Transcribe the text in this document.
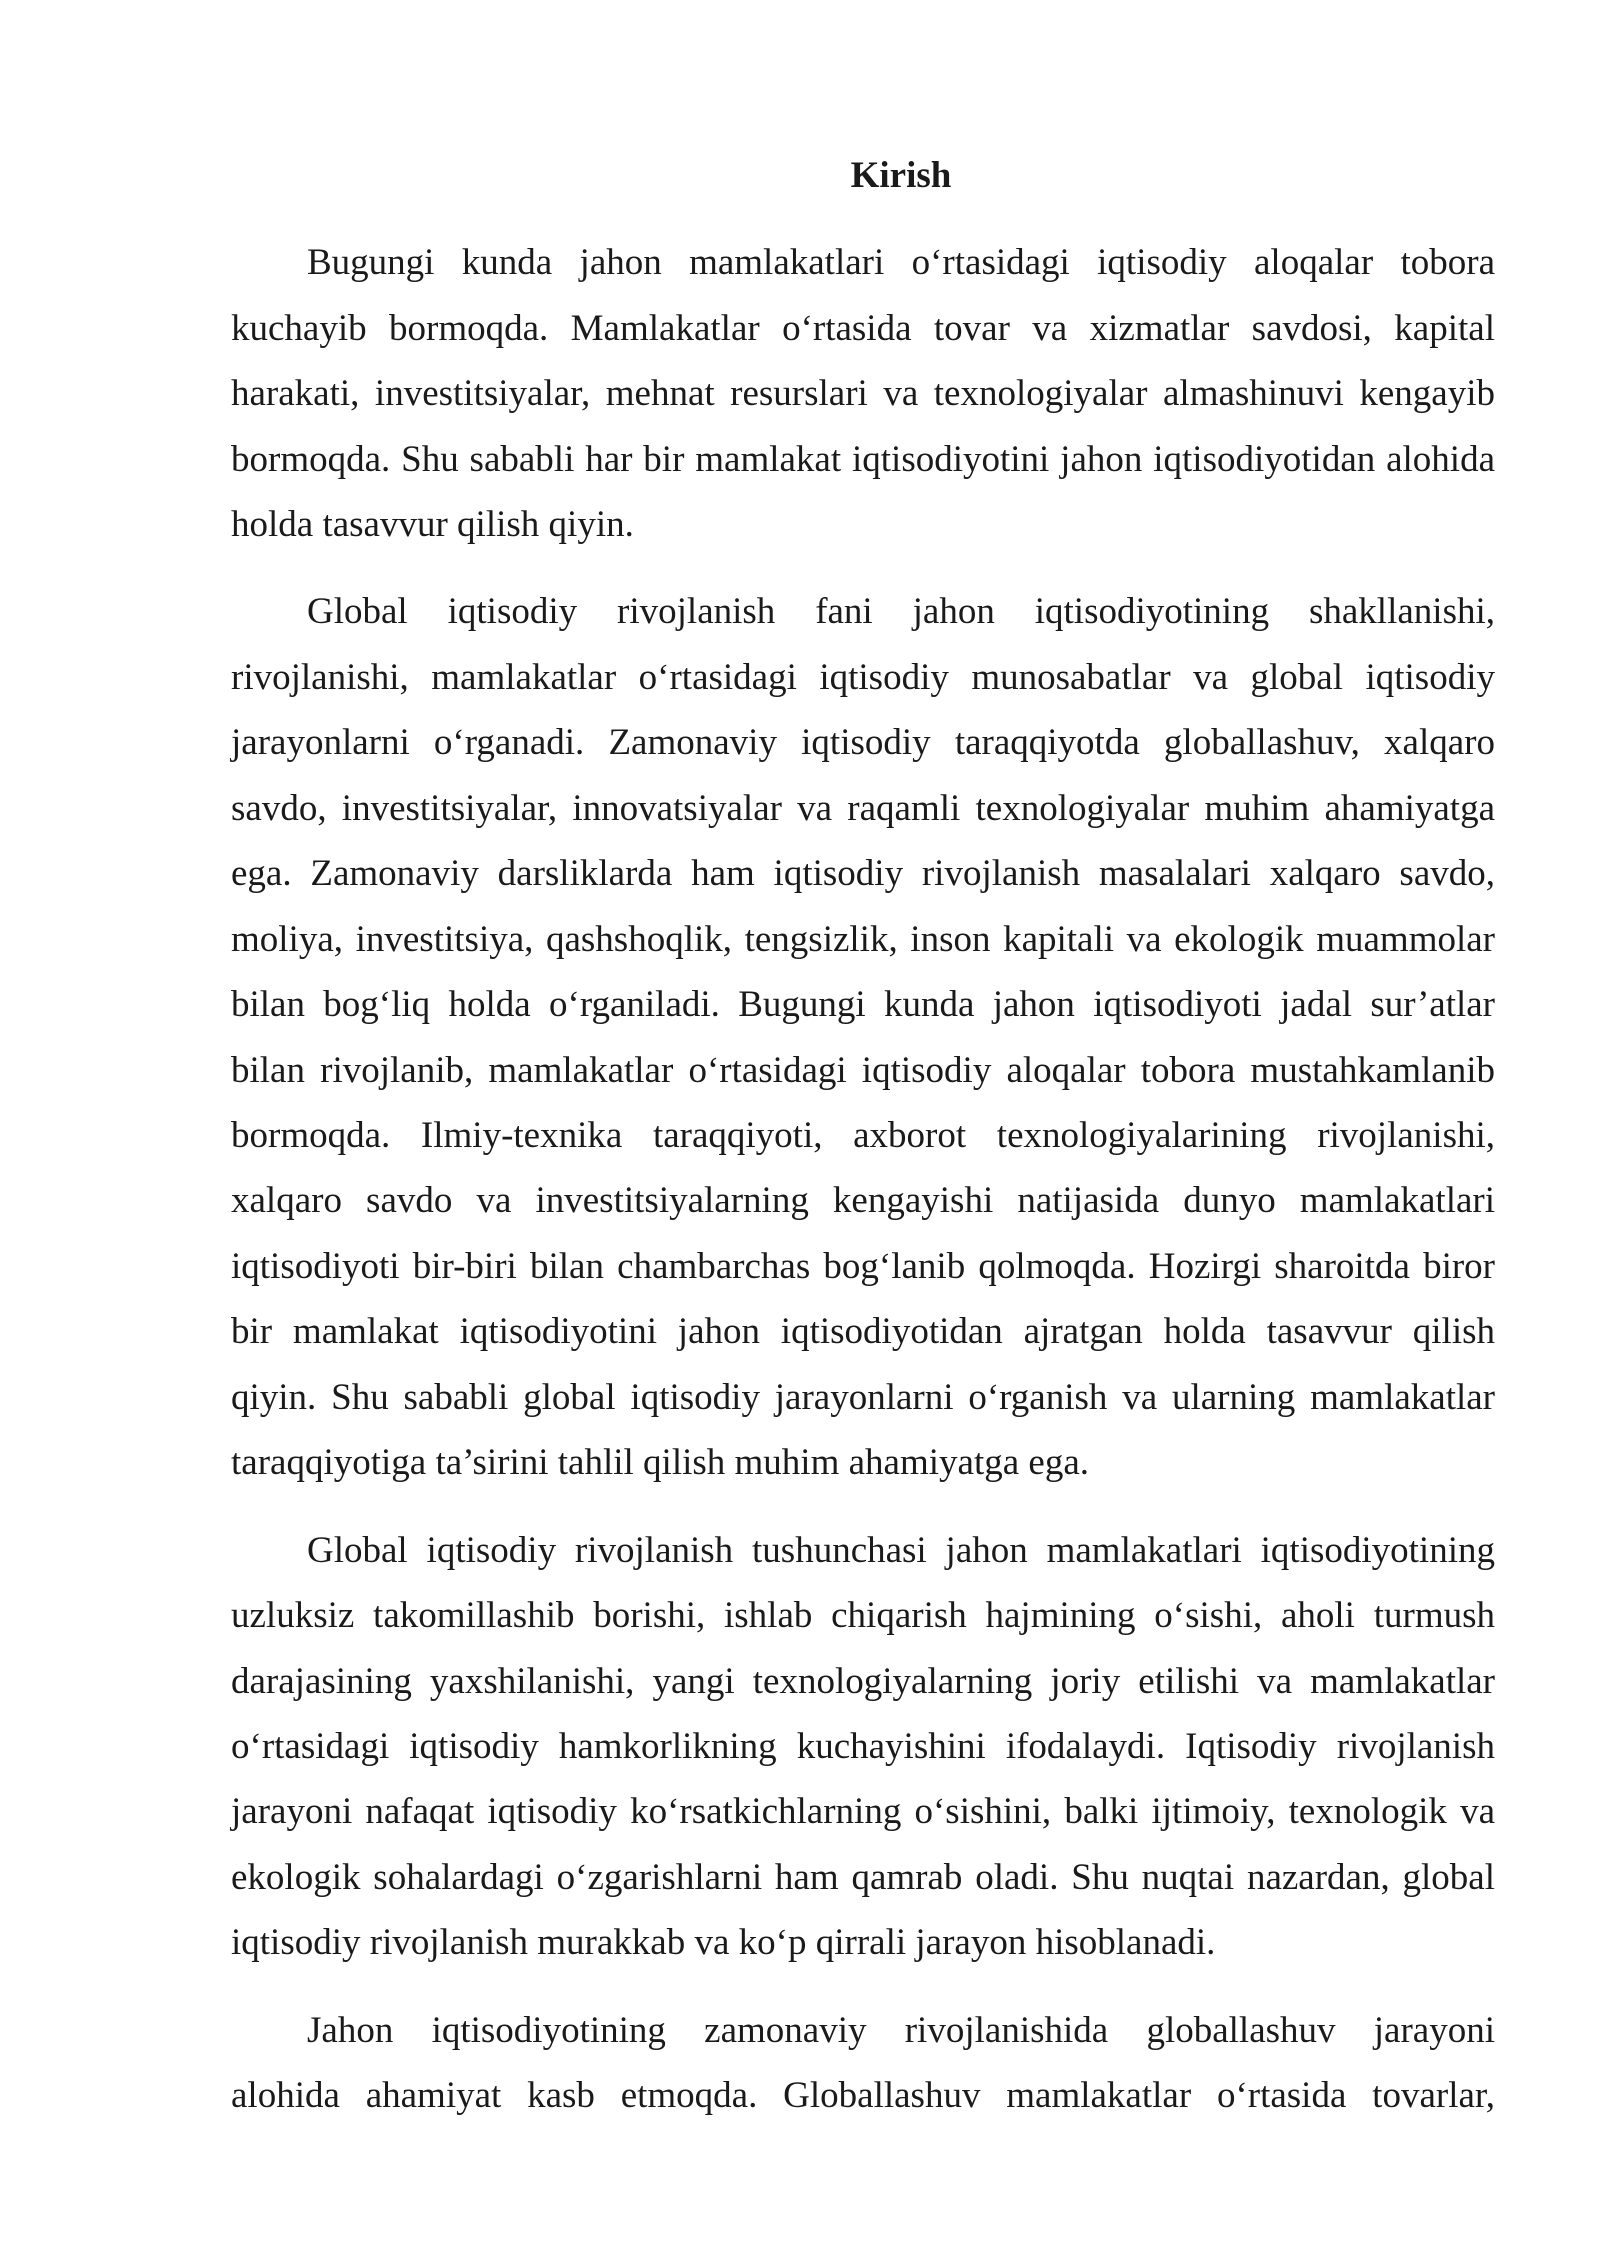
Kirish
Bugungi kunda jahon mamlakatlari o‘rtasidagi iqtisodiy aloqalar tobora
kuchayib bormoqda. Mamlakatlar o‘rtasida tovar va xizmatlar savdosi, kapital
harakati, investitsiyalar, mehnat resurslari va texnologiyalar almashinuvi kengayib
bormoqda. Shu sababli har bir mamlakat iqtisodiyotini jahon iqtisodiyotidan alohida
holda tasavvur qilish qiyin.
Global iqtisodiy rivojlanish fani jahon iqtisodiyotining shakllanishi,
rivojlanishi, mamlakatlar o‘rtasidagi iqtisodiy munosabatlar va global iqtisodiy
jarayonlarni o‘rganadi. Zamonaviy iqtisodiy taraqqiyotda globallashuv, xalqaro
savdo, investitsiyalar, innovatsiyalar va raqamli texnologiyalar muhim ahamiyatga
ega. Zamonaviy darsliklarda ham iqtisodiy rivojlanish masalalari xalqaro savdo,
moliya, investitsiya, qashshoqlik, tengsizlik, inson kapitali va ekologik muammolar
bilan bog‘liq holda o‘rganiladi. Bugungi kunda jahon iqtisodiyoti jadal sur’atlar
bilan rivojlanib, mamlakatlar o‘rtasidagi iqtisodiy aloqalar tobora mustahkamlanib
bormoqda. Ilmiy-texnika taraqqiyoti, axborot texnologiyalarining rivojlanishi,
xalqaro savdo va investitsiyalarning kengayishi natijasida dunyo mamlakatlari
iqtisodiyoti bir-biri bilan chambarchas bog‘lanib qolmoqda. Hozirgi sharoitda biror
bir mamlakat iqtisodiyotini jahon iqtisodiyotidan ajratgan holda tasavvur qilish
qiyin. Shu sababli global iqtisodiy jarayonlarni o‘rganish va ularning mamlakatlar
taraqqiyotiga ta’sirini tahlil qilish muhim ahamiyatga ega.
Global iqtisodiy rivojlanish tushunchasi jahon mamlakatlari iqtisodiyotining
uzluksiz takomillashib borishi, ishlab chiqarish hajmining o‘sishi, aholi turmush
darajasining yaxshilanishi, yangi texnologiyalarning joriy etilishi va mamlakatlar
o‘rtasidagi iqtisodiy hamkorlikning kuchayishini ifodalaydi. Iqtisodiy rivojlanish
jarayoni nafaqat iqtisodiy ko‘rsatkichlarning o‘sishini, balki ijtimoiy, texnologik va
ekologik sohalardagi o‘zgarishlarni ham qamrab oladi. Shu nuqtai nazardan, global
iqtisodiy rivojlanish murakkab va ko‘p qirrali jarayon hisoblanadi.
Jahon iqtisodiyotining zamonaviy rivojlanishida globallashuv jarayoni
alohida ahamiyat kasb etmoqda. Globallashuv mamlakatlar o‘rtasida tovarlar,
